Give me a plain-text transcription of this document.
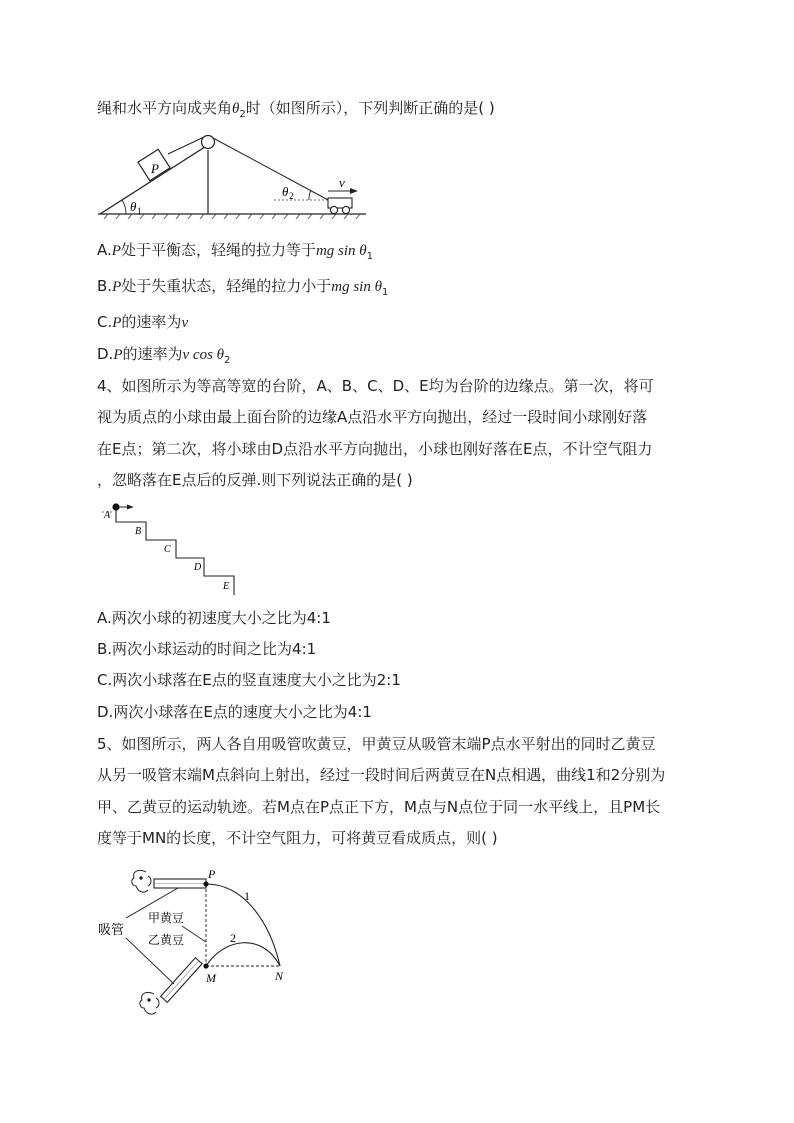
绳和水平方向成夹角$\theta_2$时（如图所示），下列判断正确的是( )
P
θ 1
θ 2
v
A.P处于平衡态，轻绳的拉力等于mg $\sin \theta_1$
B.P处于失重状态，轻绳的拉力小于mg $\sin \theta_1$
C.P的速率为v
D.P的速率为v $\cos \theta_2$
4、如图所示为等高等宽的台阶，A、B、C、D、E均为台阶的边缘点。第一次，将可
视为质点的小球由最上面台阶的边缘A点沿水平方向抛出，经过一段时间小球刚好落
在E点；第二次，将小球由D点沿水平方向抛出，小球也刚好落在E点，不计空气阻力
，忽略落在E点后的反弹.则下列说法正确的是( )
A
B
C
D
E
A.两次小球的初速度大小之比为4:1
B.两次小球运动的时间之比为4:1
C.两次小球落在E点的竖直速度大小之比为2:1
D.两次小球落在E点的速度大小之比为4:1
5、如图所示，两人各自用吸管吹黄豆，甲黄豆从吸管末端P点水平射出的同时乙黄豆
从另一吸管末端M点斜向上射出，经过一段时间后两黄豆在N点相遇，曲线1和2分别为
甲、乙黄豆的运动轨迹。若M点在P点正下方，M点与N点位于同一水平线上，且PM长
度等于MN的长度，不计空气阻力，可将黄豆看成质点，则( )
吸管
甲黄豆
乙黄豆
P
M	N
1
2
